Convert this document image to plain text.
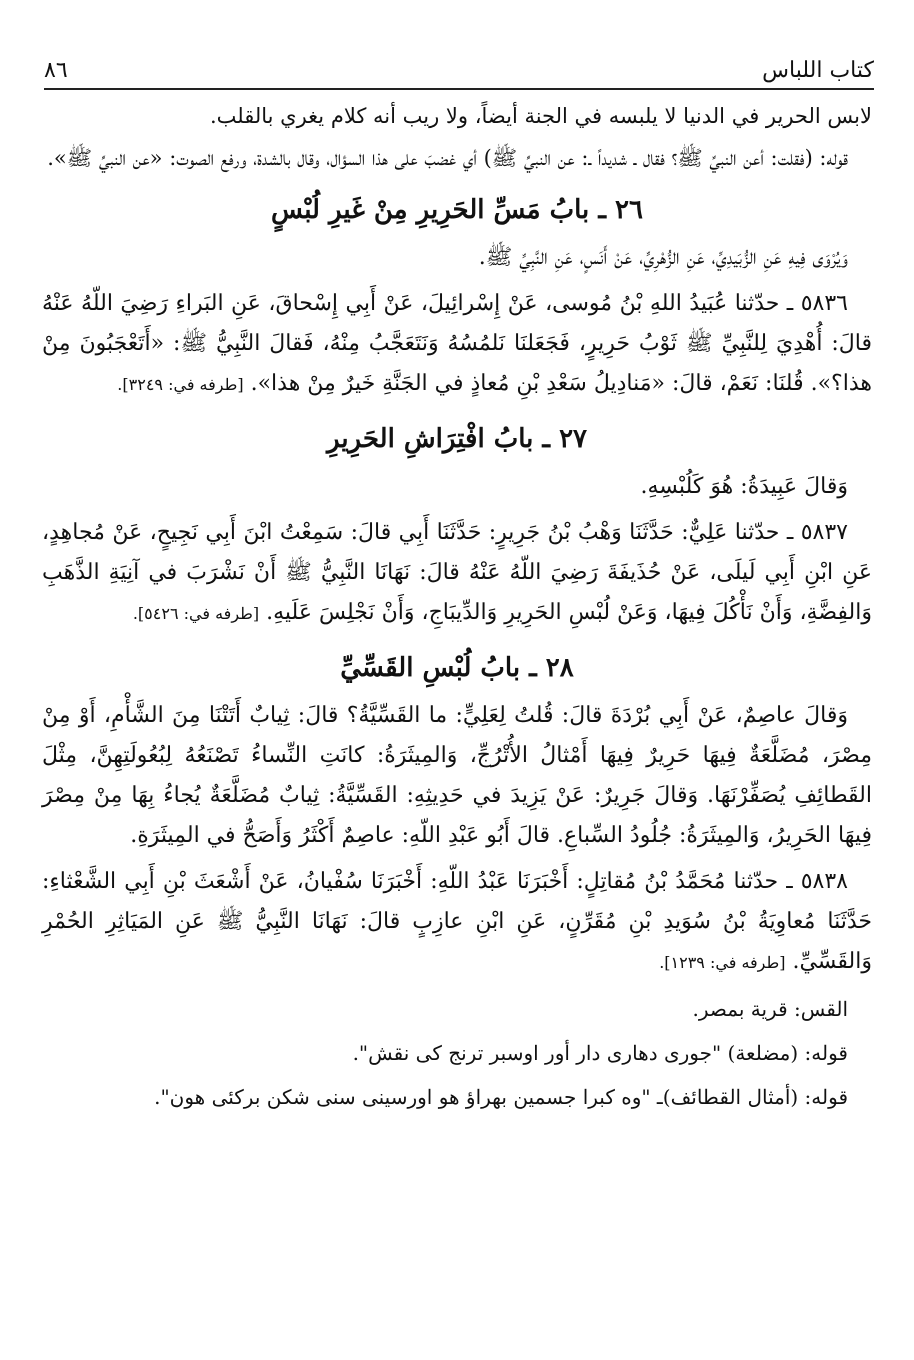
٨٦	كتاب اللباس

لابس الحرير في الدنيا لا يلبسه في الجنة أيضاً، ولا ريب أنه كلام يغري بالقلب.

قوله: (فقلت: أعن النبيِّ ﷺ؟ فقال ـ شديداً ـ: عن النبيِّ ﷺ) أي غضبَ على هذا السؤال، وقال بالشدة، ورفع الصوت: «عن النبيِّ ﷺ».

٢٦ ـ بابُ مَسِّ الحَرِيرِ مِنْ غَيرِ لُبْسٍ

وَيُرْوَى فِيهِ عَنِ الزُّبَيدِيِّ، عَنِ الزُّهْرِيِّ، عَنْ أَنَسٍ، عَنِ النَّبِيِّ ﷺ.

٥٨٣٦ ـ حدّثنا عُبَيدُ اللهِ بْنُ مُوسى، عَنْ إِسْرائِيلَ، عَنْ أَبِي إِسْحاقَ، عَنِ البَراءِ رَضِيَ اللّهُ عَنْهُ قالَ: أُهْدِيَ لِلنَّبِيِّ ﷺ ثَوْبُ حَرِيرٍ، فَجَعَلنَا نَلمُسُهُ وَنَتَعَجَّبُ مِنْهُ، فَقالَ النَّبِيُّ ﷺ: «أَتَعْجَبُونَ مِنْ هذا؟». قُلنَا: نَعَمْ، قالَ: «مَنادِيلُ سَعْدِ بْنِ مُعاذٍ في الجَنَّةِ خَيرٌ مِنْ هذا». [طرفه في: ٣٢٤٩].

٢٧ ـ بابُ افْتِرَاشِ الحَرِيرِ

وَقالَ عَبِيدَةُ: هُوَ كَلُبْسِهِ.

٥٨٣٧ ـ حدّثنا عَلِيٌّ: حَدَّثَنَا وَهْبُ بْنُ جَرِيرٍ: حَدَّثَنَا أَبِي قالَ: سَمِعْتُ ابْنَ أَبِي نَجِيحٍ، عَنْ مُجاهِدٍ، عَنِ ابْنِ أَبِي لَيلَى، عَنْ حُذَيفَةَ رَضِيَ اللّهُ عَنْهُ قالَ: نَهَانَا النَّبِيُّ ﷺ أَنْ نَشْرَبَ في آنِيَةِ الذَّهَبِ وَالفِضَّةِ، وَأَنْ نَأْكُلَ فِيهَا، وَعَنْ لُبْسِ الحَرِيرِ وَالدِّيبَاجِ، وَأَنْ نَجْلِسَ عَلَيهِ. [طرفه في: ٥٤٢٦].

٢٨ ـ بابُ لُبْسِ القَسِّيِّ

وَقالَ عاصِمٌ، عَنْ أَبِي بُرْدَةَ قالَ: قُلتُ لِعَلِيٍّ: ما القَسِّيَّةُ؟ قالَ: ثِيابٌ أَتَتْنَا مِنَ الشَّأْمِ، أَوْ مِنْ مِصْرَ، مُضَلَّعَةٌ فِيهَا حَرِيرٌ فِيهَا أَمْثالُ الأُتْرُجِّ، وَالمِيثَرَةُ: كانَتِ النِّساءُ تَصْنَعُهُ لِبُعُولَتِهِنَّ، مِثْلَ القَطائِفِ يُصَفِّرْنَهَا. وَقالَ جَرِيرٌ: عَنْ يَزِيدَ في حَدِيثِهِ: القَسِّيَّةُ: ثِيابٌ مُضَلَّعَةٌ يُجاءُ بِهَا مِنْ مِصْرَ فِيهَا الحَرِيرُ، وَالمِيثَرَةُ: جُلُودُ السِّباعِ. قالَ أَبُو عَبْدِ اللّهِ: عاصِمٌ أَكْثَرُ وَأَصَحُّ في المِيثَرَةِ.

٥٨٣٨ ـ حدّثنا مُحَمَّدُ بْنُ مُقاتِلٍ: أَخْبَرَنَا عَبْدُ اللّهِ: أَخْبَرَنَا سُفْيانُ، عَنْ أَشْعَثَ بْنِ أَبِي الشَّعْثاءِ: حَدَّثَنَا مُعاوِيَةُ بْنُ سُوَيدِ بْنِ مُقَرِّنٍ، عَنِ ابْنِ عازِبٍ قالَ: نَهَانَا النَّبِيُّ ﷺ عَنِ المَيَاثِرِ الحُمْرِ وَالقَسِّيِّ. [طرفه في: ١٢٣٩].

القس: قرية بمصر.

قوله: (مضلعة) "جوری دهاری دار أور اوسبر ترنج کی نقش".

قوله: (أمثال القطائف)ـ "وه کبرا جسمين بهراؤ هو اورسينی سنی شکن برکئی هون".
